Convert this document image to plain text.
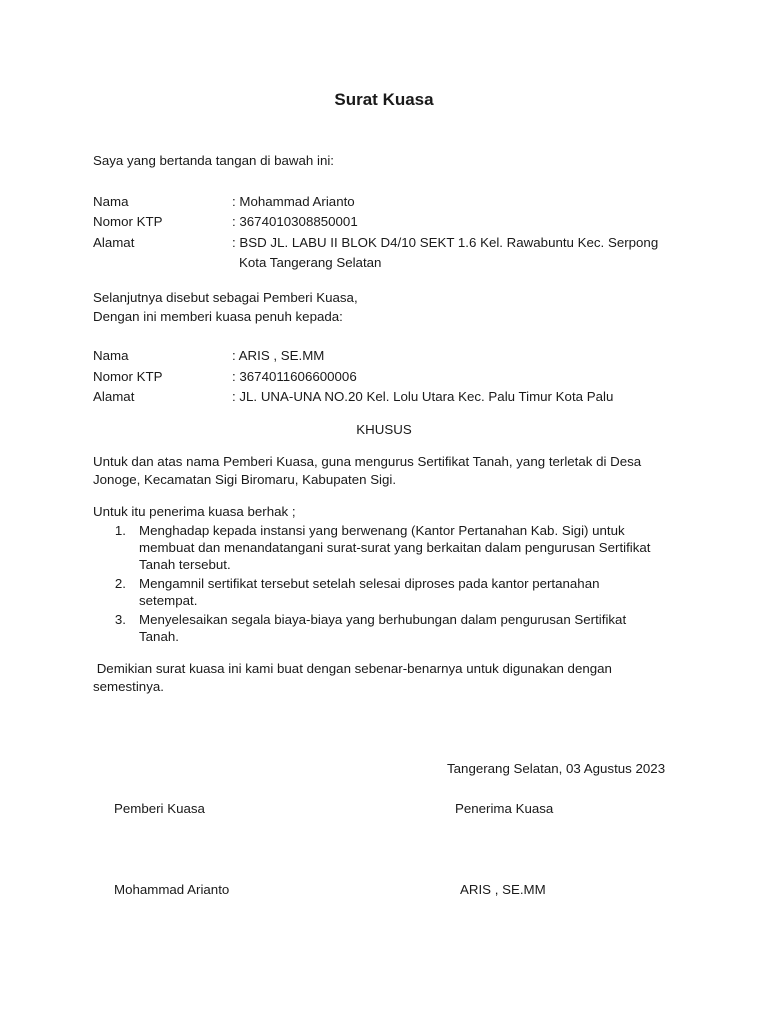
Surat Kuasa
Saya yang bertanda tangan di bawah ini:
Nama	: Mohammad Arianto
Nomor KTP	: 3674010308850001
Alamat	: BSD JL. LABU II BLOK D4/10 SEKT 1.6 Kel. Rawabuntu Kec. Serpong
Kota Tangerang Selatan
Selanjutnya disebut sebagai Pemberi Kuasa,
Dengan ini memberi kuasa penuh kepada:
Nama	: ARIS , SE.MM
Nomor KTP	: 3674011606600006
Alamat	: JL. UNA-UNA NO.20 Kel. Lolu Utara Kec. Palu Timur Kota Palu
KHUSUS
Untuk dan atas nama Pemberi Kuasa, guna mengurus Sertifikat Tanah, yang terletak di Desa Jonoge, Kecamatan Sigi Biromaru, Kabupaten Sigi.
Untuk itu penerima kuasa berhak ;
1. Menghadap kepada instansi yang berwenang (Kantor Pertanahan Kab. Sigi) untuk membuat dan menandatangani surat-surat yang berkaitan dalam pengurusan Sertifikat Tanah tersebut.
2. Mengamnil sertifikat tersebut setelah selesai diproses pada kantor pertanahan setempat.
3. Menyelesaikan segala biaya-biaya yang berhubungan dalam pengurusan Sertifikat Tanah.
Demikian surat kuasa ini kami buat dengan sebenar-benarnya untuk digunakan dengan semestinya.
Tangerang Selatan, 03 Agustus 2023
Pemberi Kuasa	Penerima Kuasa
Mohammad Arianto	ARIS , SE.MM
